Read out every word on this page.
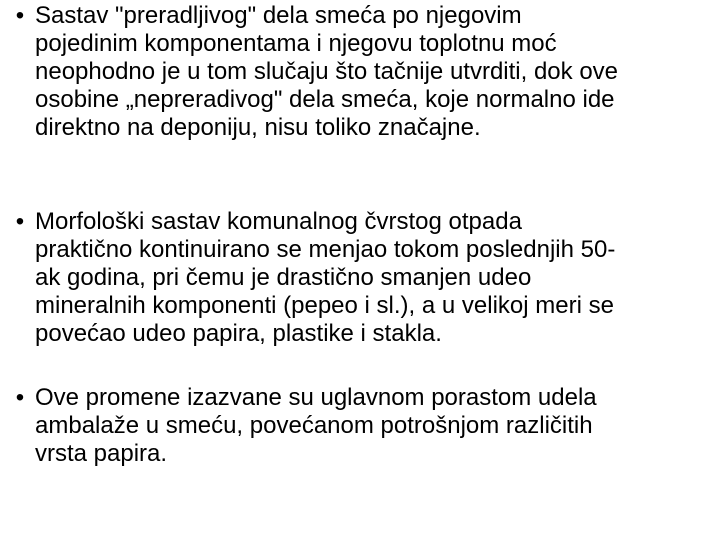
• Sastav "preradljivog" dela smeća po njegovim
pojedinim komponentama i njegovu toplotnu moć
neophodno je u tom slučaju što tačnije utvrditi, dok ove
osobine „nepreradivog" dela smeća, koje normalno ide
direktno na deponiju, nisu toliko značajne.
• Morfološki sastav komunalnog čvrstog otpada
praktično kontinuirano se menjao tokom poslednjih 50-
ak godina, pri čemu je drastično smanjen udeo
mineralnih komponenti (pepeo i sl.), a u velikoj meri se
povećao udeo papira, plastike i stakla.
• Ove promene izazvane su uglavnom porastom udela
ambalaže u smeću, povećanom potrošnjom različitih
vrsta papira.
